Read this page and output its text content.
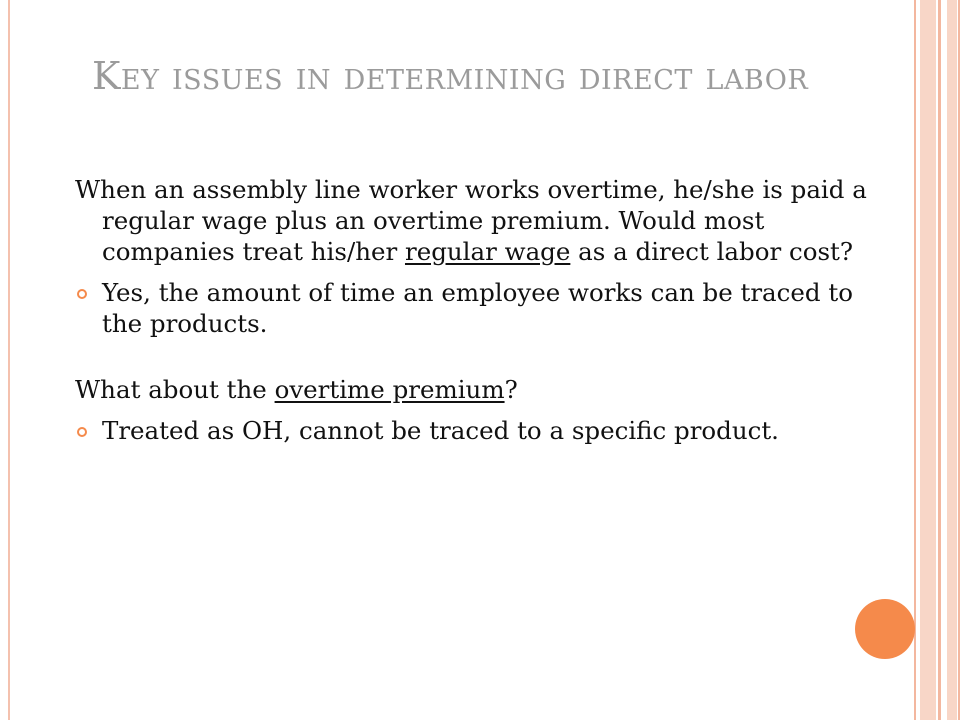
Key issues in determining direct labor

When an assembly line worker works overtime, he/she is paid a regular wage plus an overtime premium. Would most companies treat his/her regular wage as a direct labor cost?

Yes, the amount of time an employee works can be traced to the products.

What about the overtime premium?

Treated as OH, cannot be traced to a specific product.
